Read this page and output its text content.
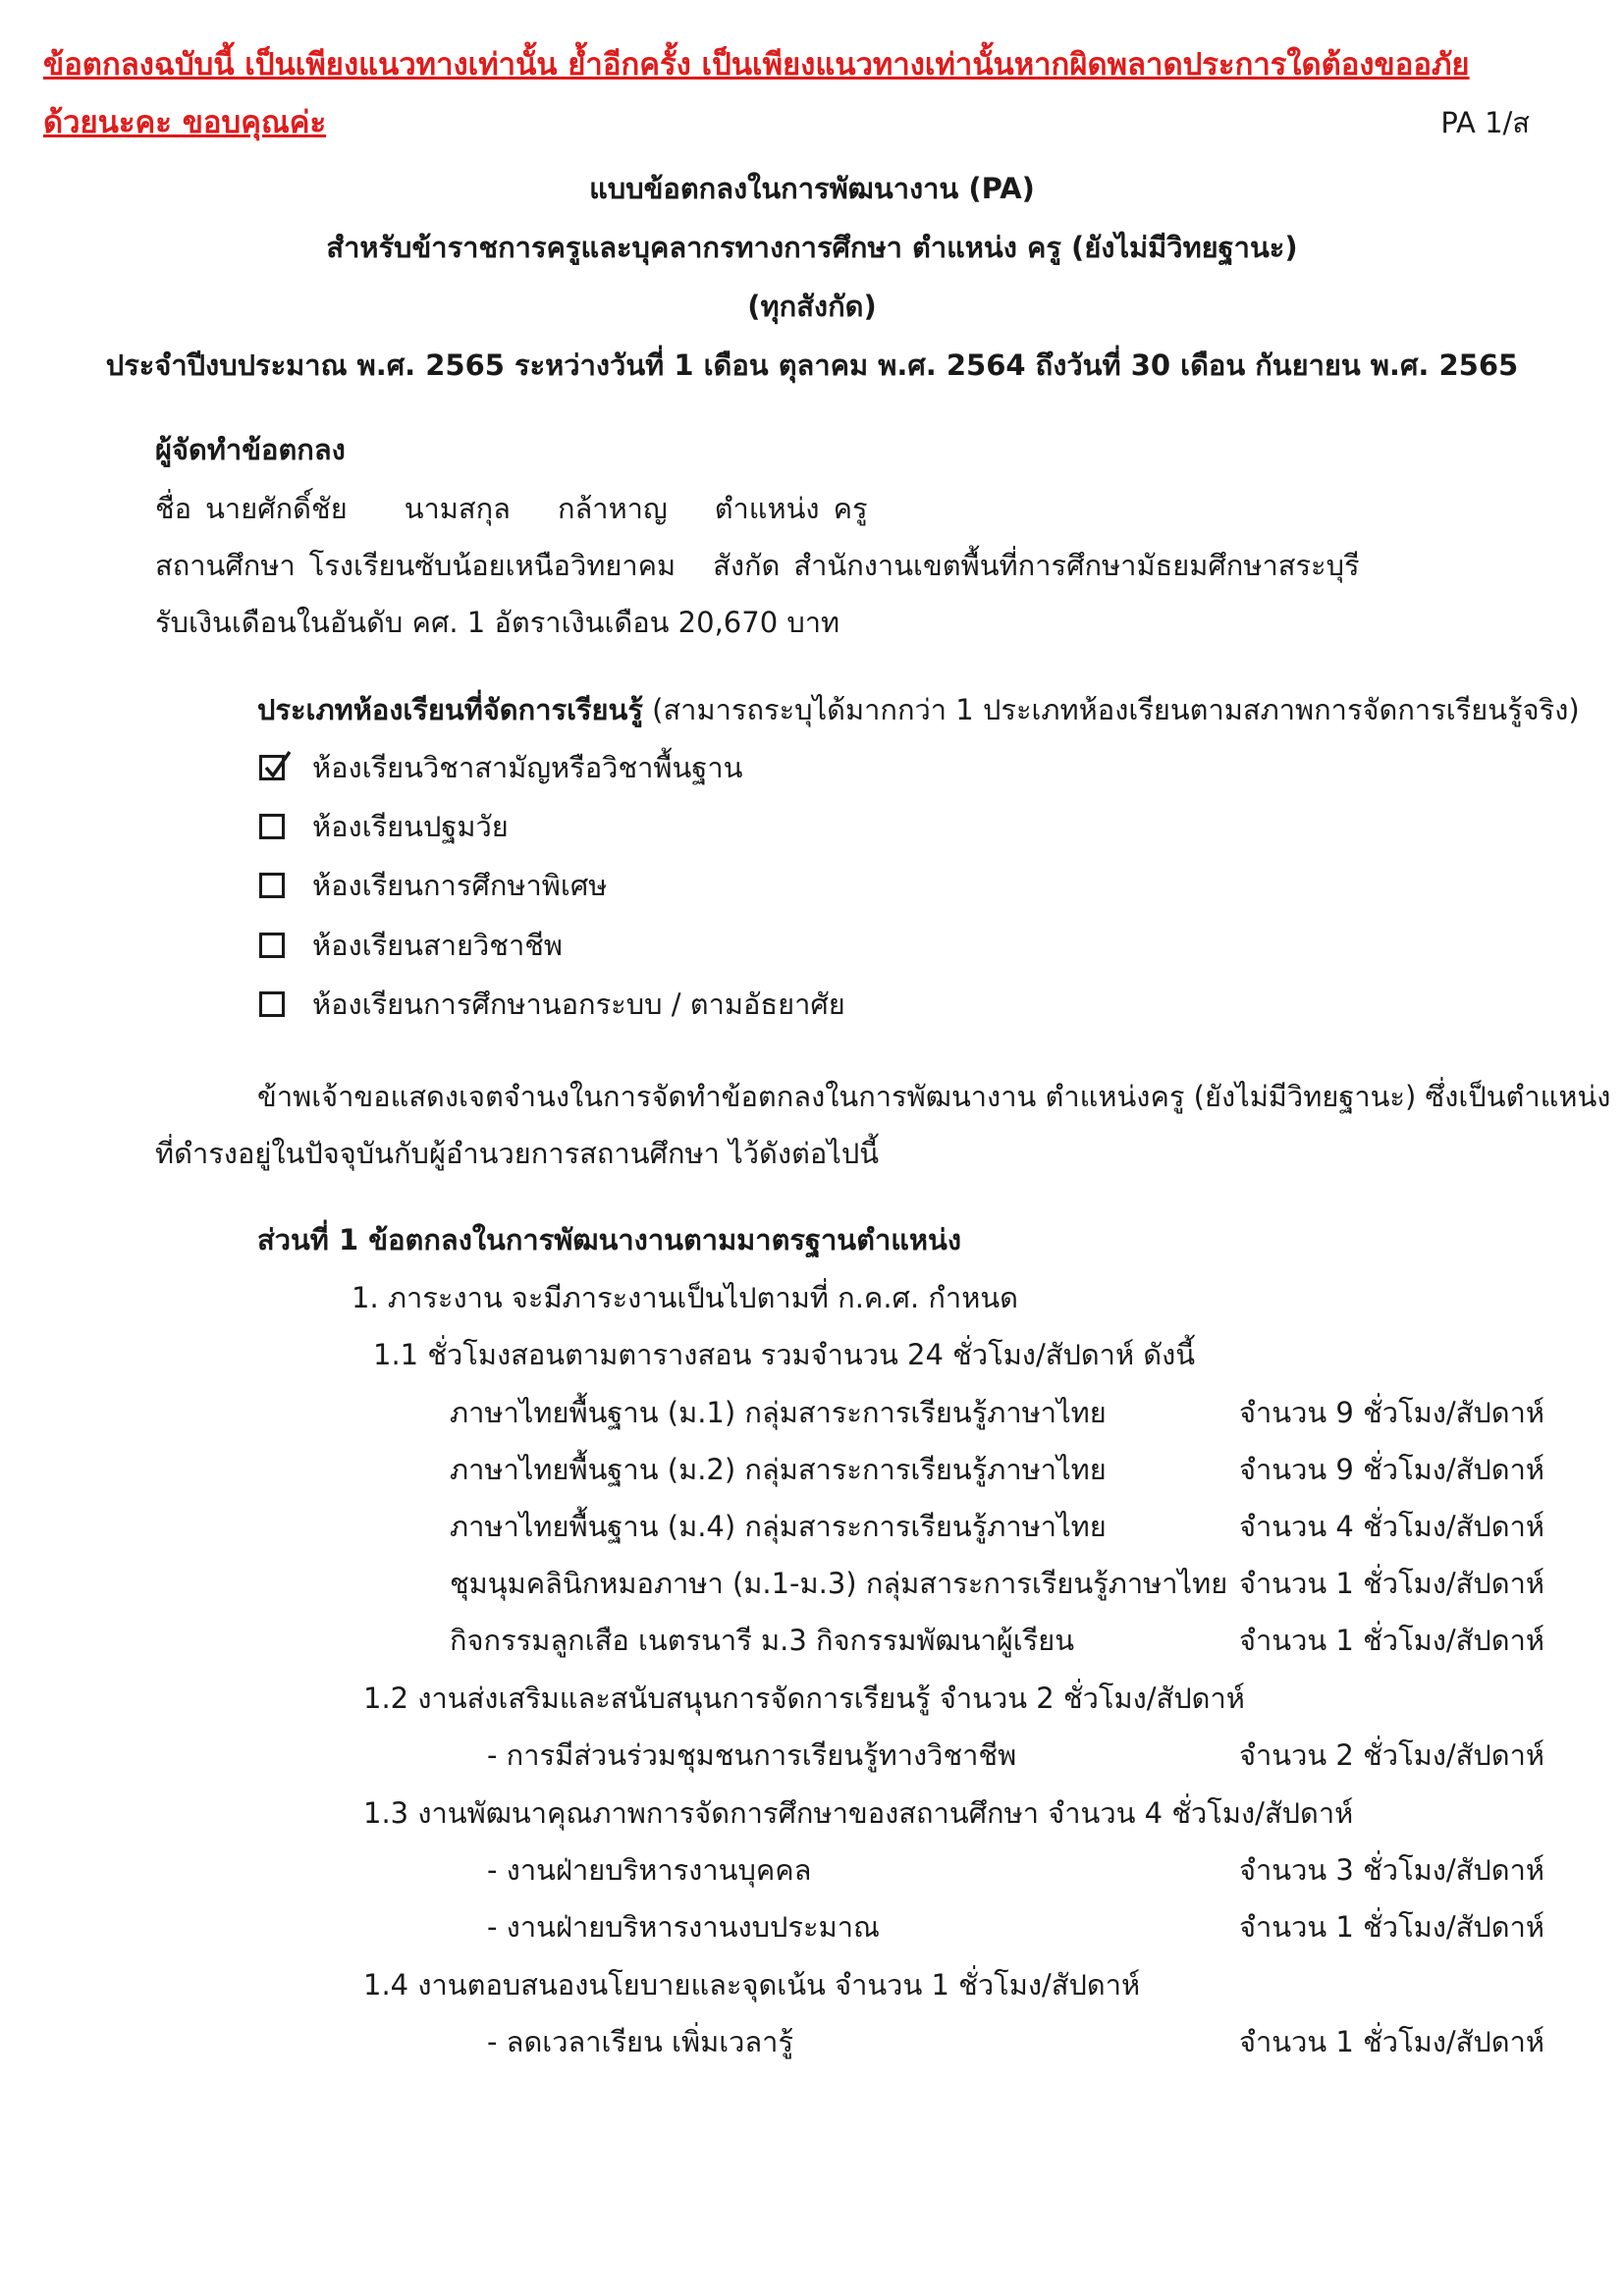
ข้อตกลงฉบับนี้ เป็นเพียงแนวทางเท่านั้น ย้ำอีกครั้ง เป็นเพียงแนวทางเท่านั้นหากผิดพลาดประการใดต้องขออภัย
ด้วยนะคะ ขอบคุณค่ะ	PA 1/ส
แบบข้อตกลงในการพัฒนางาน (PA)
สำหรับข้าราชการครูและบุคลากรทางการศึกษา ตำแหน่ง ครู (ยังไม่มีวิทยฐานะ)
(ทุกสังกัด)
ประจำปีงบประมาณ พ.ศ. 2565 ระหว่างวันที่ 1 เดือน ตุลาคม พ.ศ. 2564 ถึงวันที่ 30 เดือน กันยายน พ.ศ. 2565
ผู้จัดทำข้อตกลง
ชื่อ นายศักดิ์ชัย นามสกุล กล้าหาญ ตำแหน่ง ครู
สถานศึกษา โรงเรียนซับน้อยเหนือวิทยาคม สังกัด สำนักงานเขตพื้นที่การศึกษามัธยมศึกษาสระบุรี
รับเงินเดือนในอันดับ คศ. 1 อัตราเงินเดือน 20,670 บาท
ประเภทห้องเรียนที่จัดการเรียนรู้ (สามารถระบุได้มากกว่า 1 ประเภทห้องเรียนตามสภาพการจัดการเรียนรู้จริง)
ห้องเรียนวิชาสามัญหรือวิชาพื้นฐาน
ห้องเรียนปฐมวัย
ห้องเรียนการศึกษาพิเศษ
ห้องเรียนสายวิชาชีพ
ห้องเรียนการศึกษานอกระบบ / ตามอัธยาศัย
ข้าพเจ้าขอแสดงเจตจำนงในการจัดทำข้อตกลงในการพัฒนางาน ตำแหน่งครู (ยังไม่มีวิทยฐานะ) ซึ่งเป็นตำแหน่ง
ที่ดำรงอยู่ในปัจจุบันกับผู้อำนวยการสถานศึกษา ไว้ดังต่อไปนี้
ส่วนที่ 1 ข้อตกลงในการพัฒนางานตามมาตรฐานตำแหน่ง
1. ภาระงาน จะมีภาระงานเป็นไปตามที่ ก.ค.ศ. กำหนด
1.1 ชั่วโมงสอนตามตารางสอน รวมจำนวน 24 ชั่วโมง/สัปดาห์ ดังนี้
ภาษาไทยพื้นฐาน (ม.1) กลุ่มสาระการเรียนรู้ภาษาไทย	จำนวน 9 ชั่วโมง/สัปดาห์
ภาษาไทยพื้นฐาน (ม.2) กลุ่มสาระการเรียนรู้ภาษาไทย	จำนวน 9 ชั่วโมง/สัปดาห์
ภาษาไทยพื้นฐาน (ม.4) กลุ่มสาระการเรียนรู้ภาษาไทย	จำนวน 4 ชั่วโมง/สัปดาห์
ชุมนุมคลินิกหมอภาษา (ม.1-ม.3) กลุ่มสาระการเรียนรู้ภาษาไทย จำนวน 1 ชั่วโมง/สัปดาห์
กิจกรรมลูกเสือ เนตรนารี ม.3 กิจกรรมพัฒนาผู้เรียน	จำนวน 1 ชั่วโมง/สัปดาห์
1.2 งานส่งเสริมและสนับสนุนการจัดการเรียนรู้ จำนวน 2 ชั่วโมง/สัปดาห์
- การมีส่วนร่วมชุมชนการเรียนรู้ทางวิชาชีพ	จำนวน 2 ชั่วโมง/สัปดาห์
1.3 งานพัฒนาคุณภาพการจัดการศึกษาของสถานศึกษา จำนวน 4 ชั่วโมง/สัปดาห์
- งานฝ่ายบริหารงานบุคคล	จำนวน 3 ชั่วโมง/สัปดาห์
- งานฝ่ายบริหารงานงบประมาณ	จำนวน 1 ชั่วโมง/สัปดาห์
1.4 งานตอบสนองนโยบายและจุดเน้น จำนวน 1 ชั่วโมง/สัปดาห์
- ลดเวลาเรียน เพิ่มเวลารู้	จำนวน 1 ชั่วโมง/สัปดาห์
